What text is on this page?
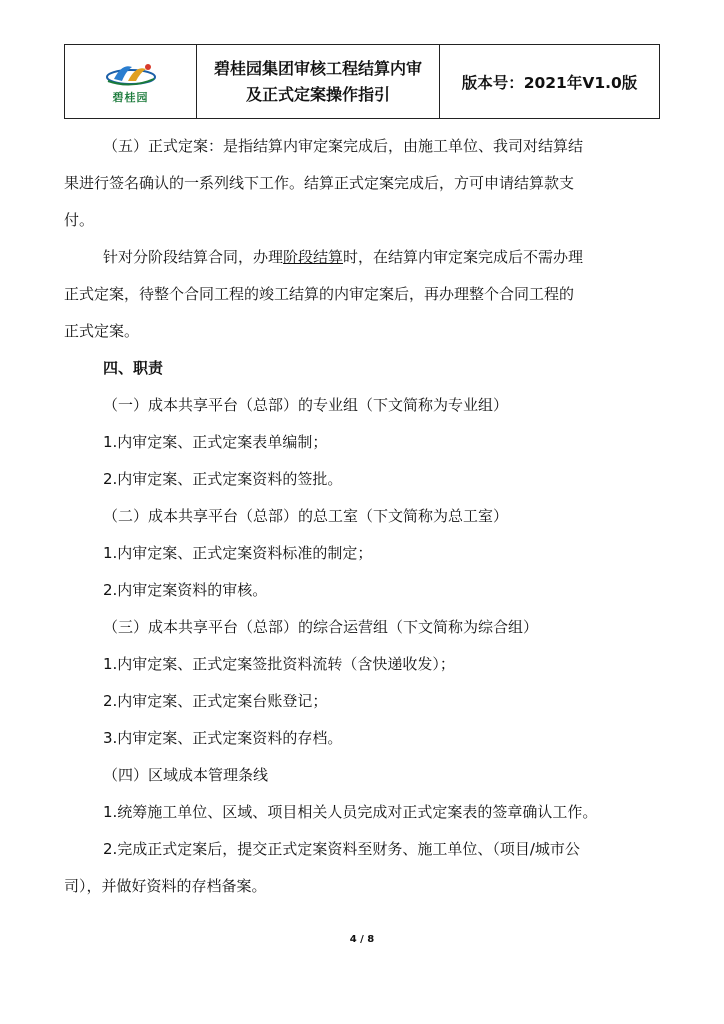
碧桂园
碧桂园集团审核工程结算内审
及正式定案操作指引
版本号：2021年V1.0版
（五）正式定案：是指结算内审定案完成后，由施工单位、我司对结算结
果进行签名确认的一系列线下工作。结算正式定案完成后，方可申请结算款支
付。
针对分阶段结算合同，办理阶段结算时，在结算内审定案完成后不需办理
正式定案，待整个合同工程的竣工结算的内审定案后，再办理整个合同工程的
正式定案。
四、职责
（一）成本共享平台（总部）的专业组（下文简称为专业组）
1.内审定案、正式定案表单编制；
2.内审定案、正式定案资料的签批。
（二）成本共享平台（总部）的总工室（下文简称为总工室）
1.内审定案、正式定案资料标准的制定；
2.内审定案资料的审核。
（三）成本共享平台（总部）的综合运营组（下文简称为综合组）
1.内审定案、正式定案签批资料流转（含快递收发）；
2.内审定案、正式定案台账登记；
3.内审定案、正式定案资料的存档。
（四）区域成本管理条线
1.统筹施工单位、区域、项目相关人员完成对正式定案表的签章确认工作。
2.完成正式定案后，提交正式定案资料至财务、施工单位、（项目/城市公
司），并做好资料的存档备案。
4 / 8
